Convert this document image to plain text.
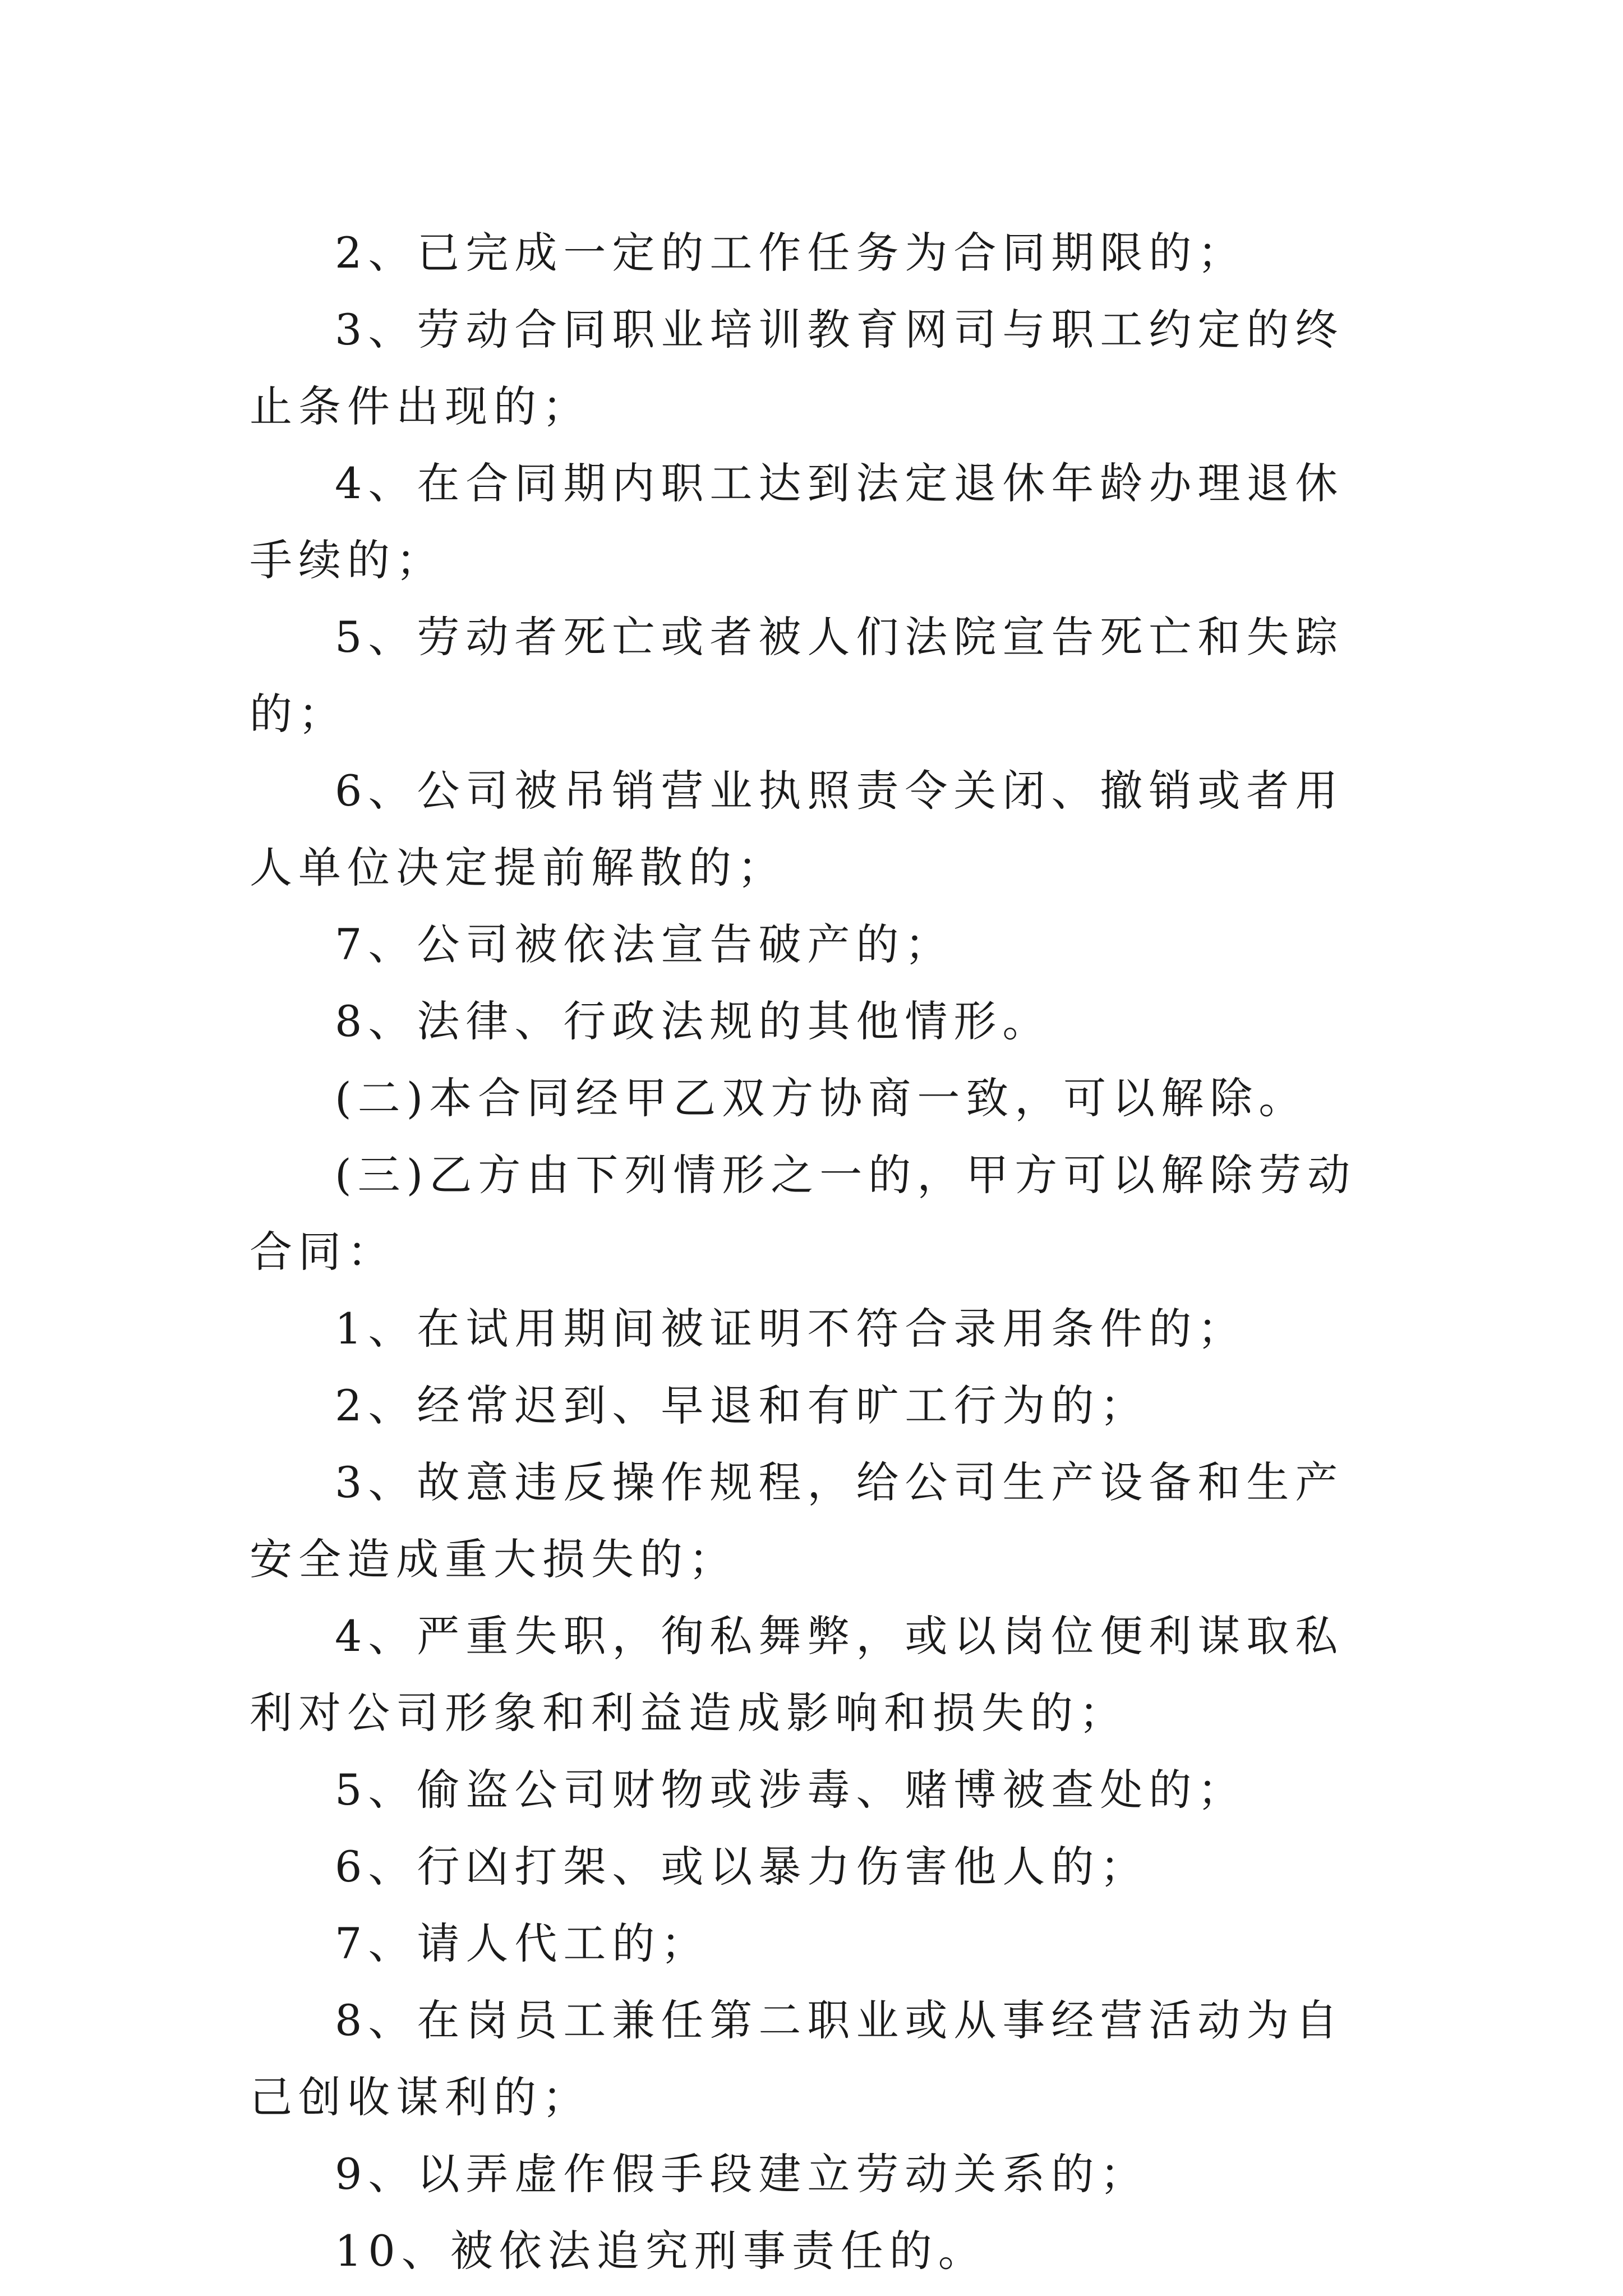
2、已完成一定的工作任务为合同期限的；

3、劳动合同职业培训教育网司与职工约定的终止条件出现的；

4、在合同期内职工达到法定退休年龄办理退休手续的；

5、劳动者死亡或者被人们法院宣告死亡和失踪的；

6、公司被吊销营业执照责令关闭、撤销或者用人单位决定提前解散的；

7、公司被依法宣告破产的；

8、法律、行政法规的其他情形。

(二)本合同经甲乙双方协商一致，可以解除。

(三)乙方由下列情形之一的，甲方可以解除劳动合同：

1、在试用期间被证明不符合录用条件的；

2、经常迟到、早退和有旷工行为的；

3、故意违反操作规程，给公司生产设备和生产安全造成重大损失的；

4、严重失职，徇私舞弊，或以岗位便利谋取私利对公司形象和利益造成影响和损失的；

5、偷盗公司财物或涉毒、赌博被查处的；

6、行凶打架、或以暴力伤害他人的；

7、请人代工的；

8、在岗员工兼任第二职业或从事经营活动为自己创收谋利的；

9、以弄虚作假手段建立劳动关系的；

10、被依法追究刑事责任的。
